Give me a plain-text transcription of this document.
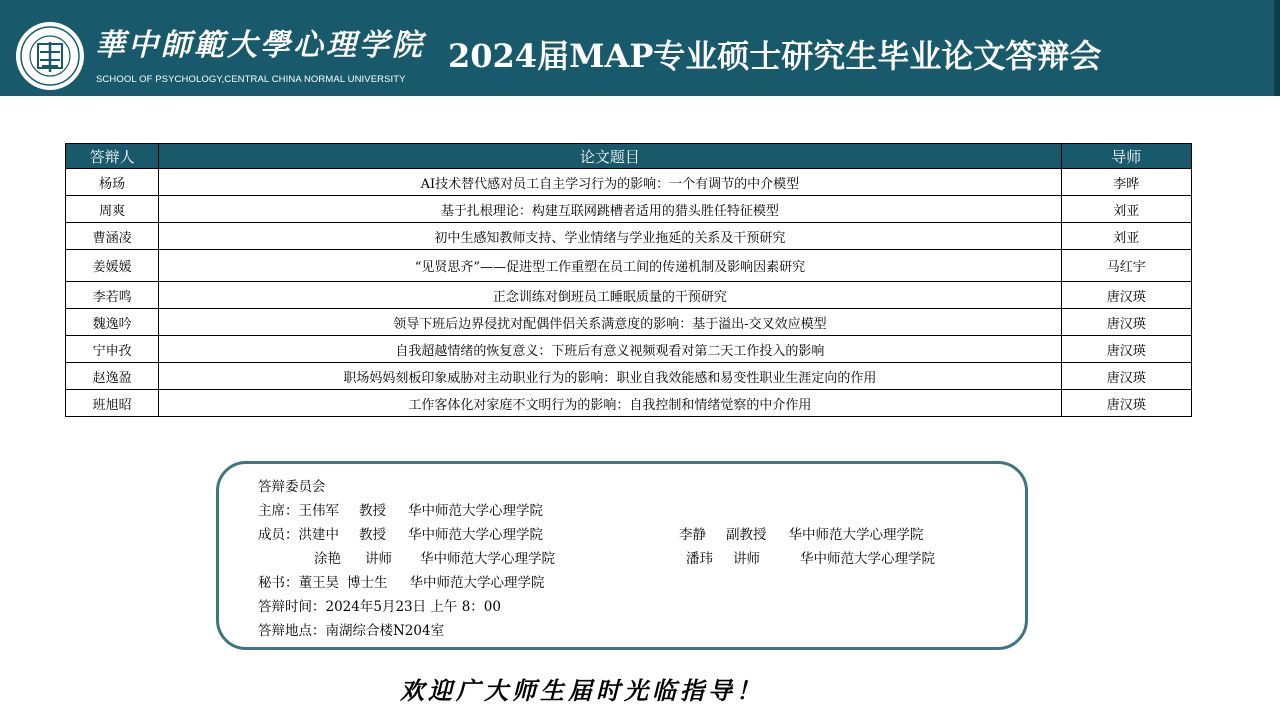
華中師範大學心理学院
SCHOOL OF PSYCHOLOGY,CENTRAL CHINA NORMAL UNIVERSITY
2024届MAP专业硕士研究生毕业论文答辩会
答辩人	论文题目	导师
杨玚	AI技术替代感对员工自主学习行为的影响：一个有调节的中介模型	李晔
周爽	基于扎根理论：构建互联网跳槽者适用的猎头胜任特征模型	刘亚
曹涵凌	初中生感知教师支持、学业情绪与学业拖延的关系及干预研究	刘亚
姜媛媛	“见贤思齐”——促进型工作重塑在员工间的传递机制及影响因素研究	马红宇
李若鸣	正念训练对倒班员工睡眠质量的干预研究	唐汉瑛
魏逸吟	领导下班后边界侵扰对配偶伴侣关系满意度的影响：基于溢出-交叉效应模型	唐汉瑛
宁申孜	自我超越情绪的恢复意义：下班后有意义视频观看对第二天工作投入的影响	唐汉瑛
赵逸盈	职场妈妈刻板印象威胁对主动职业行为的影响：职业自我效能感和易变性职业生涯定向的作用	唐汉瑛
班旭昭	工作客体化对家庭不文明行为的影响：自我控制和情绪觉察的中介作用	唐汉瑛
答辩委员会
主席：王伟军 教授 华中师范大学心理学院
成员：洪建中 教授 华中师范大学心理学院	李静 副教授 华中师范大学心理学院
涂艳 讲师 华中师范大学心理学院	潘玮 讲师	华中师范大学心理学院
秘书：董王昊 博士生 华中师范大学心理学院
答辩时间：2024年5月23日 上午 8：00
答辩地点：南湖综合楼N204室
欢迎广大师生届时光临指导！
